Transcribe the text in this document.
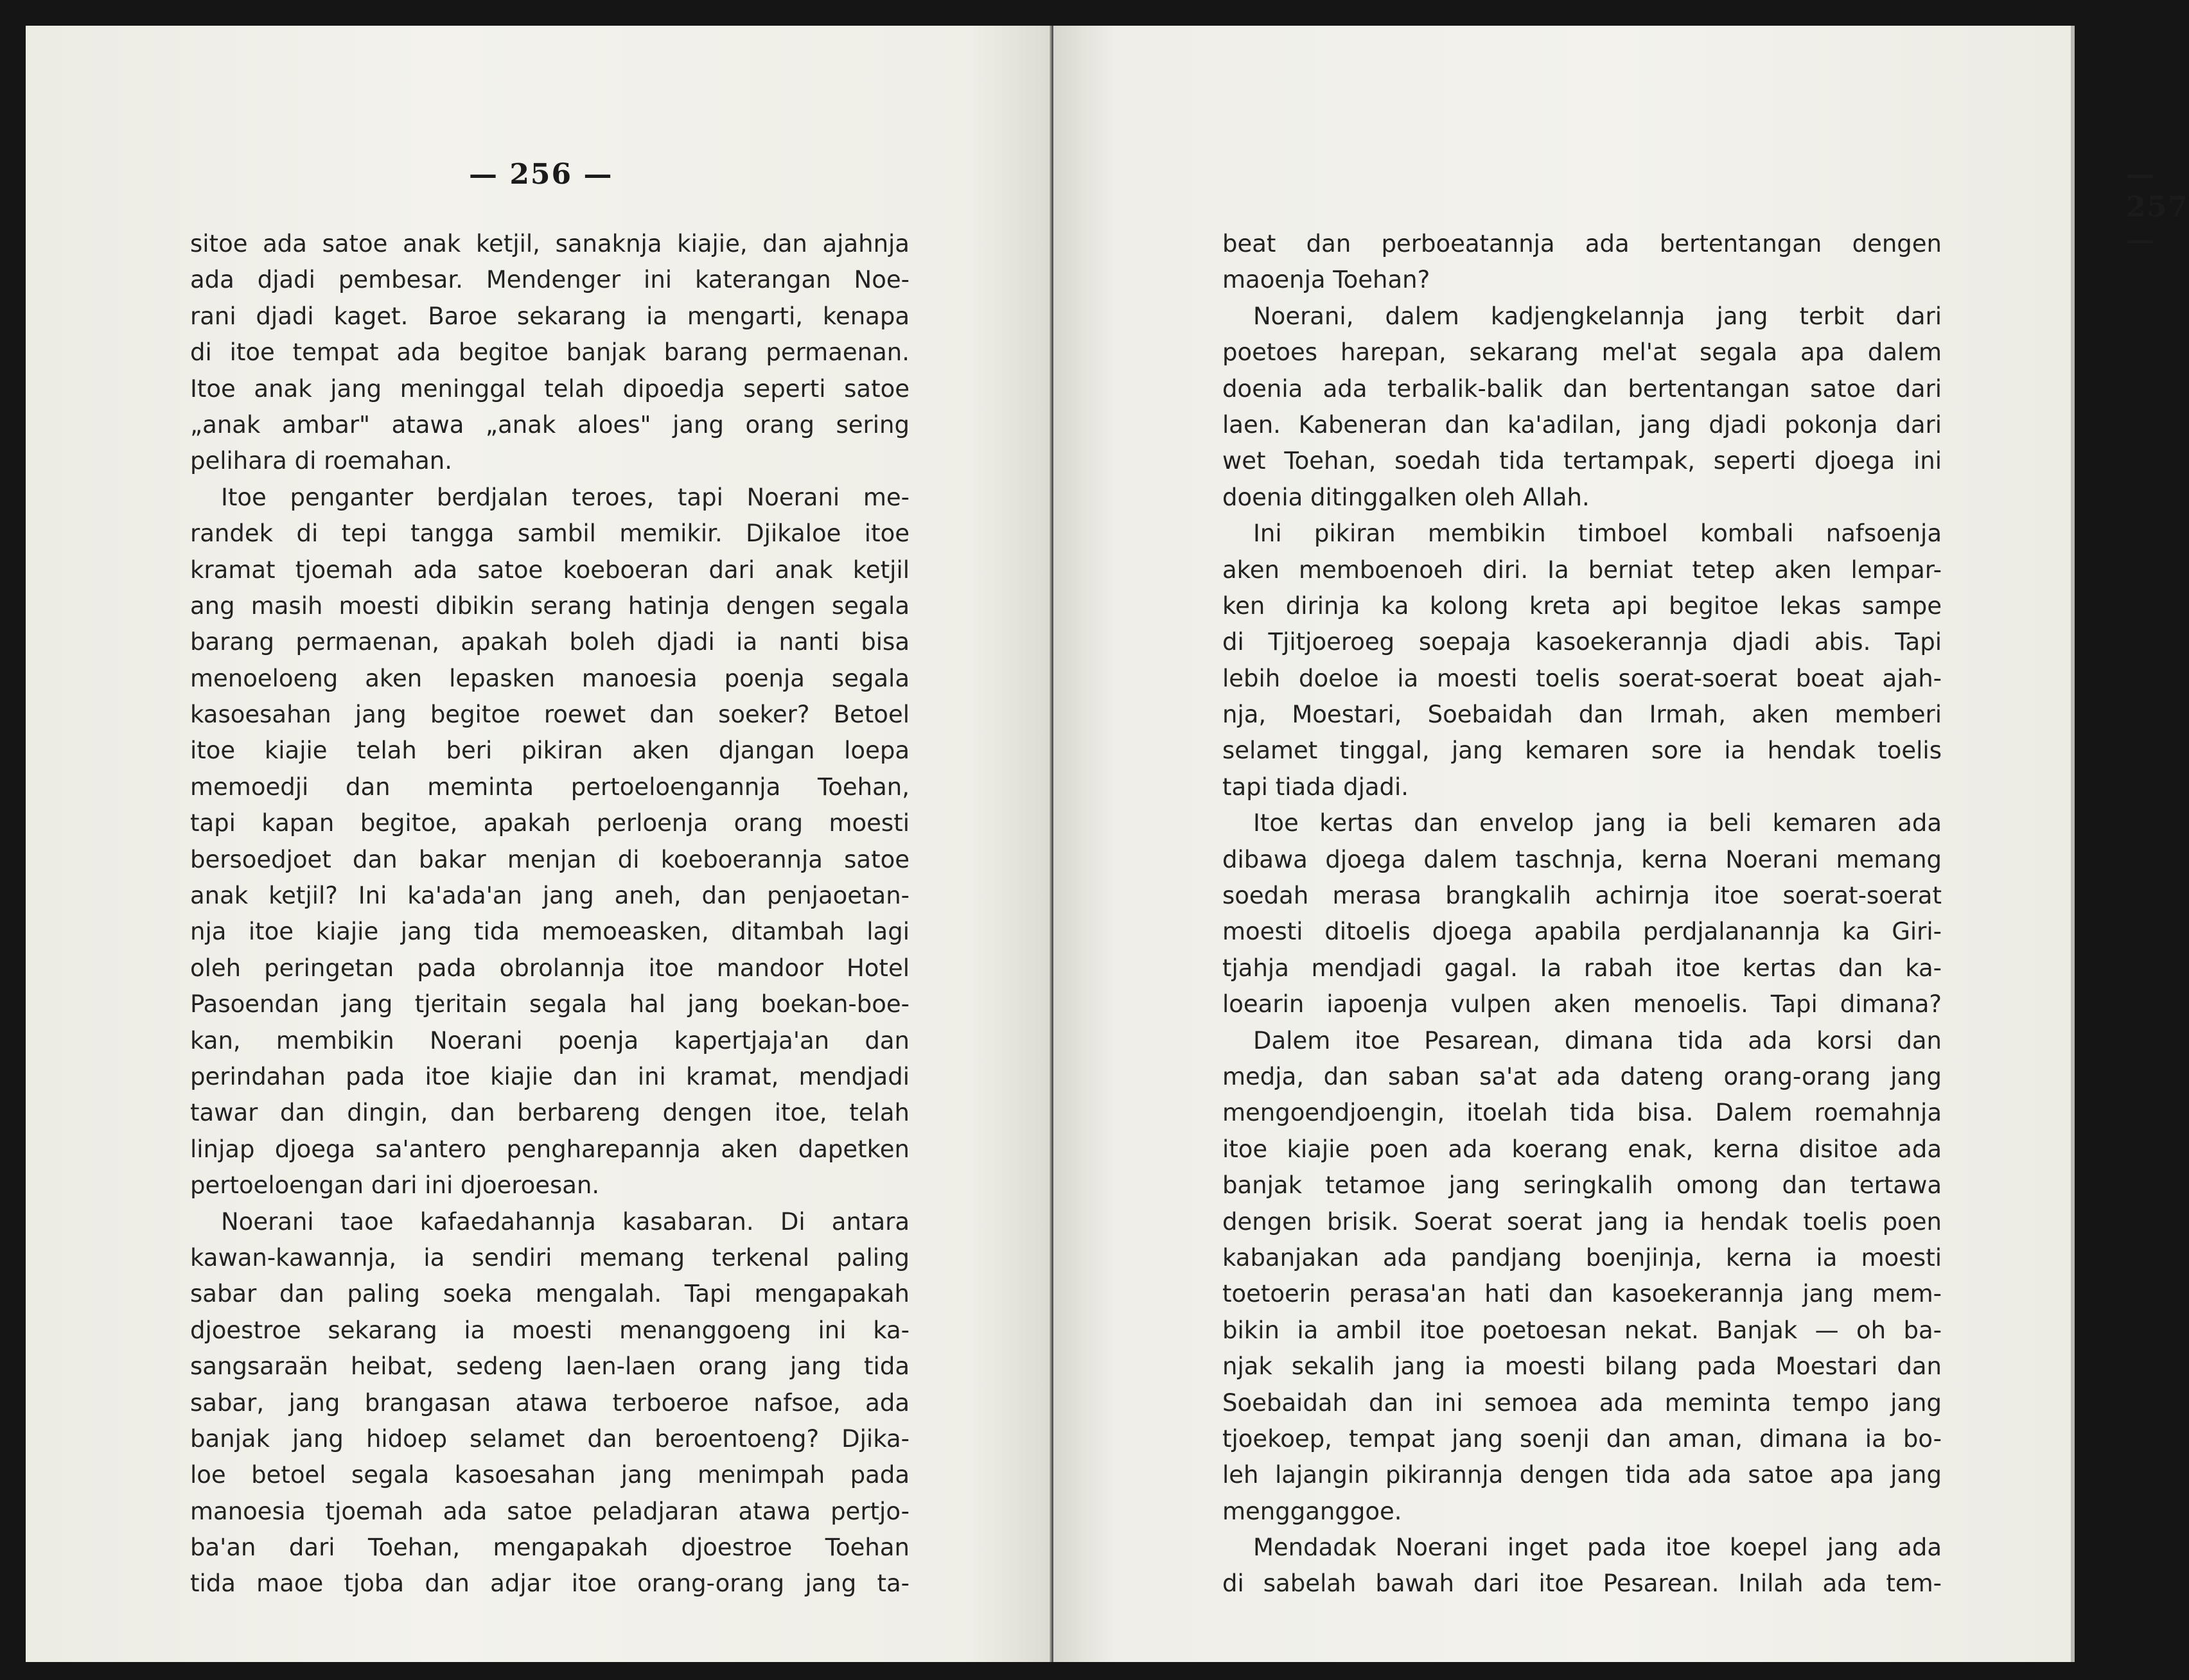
— 256 —
sitoe ada satoe anak ketjil, sanaknja kiajie, dan ajahnja
ada djadi pembesar. Mendenger ini katerangan Noe-
rani djadi kaget. Baroe sekarang ia mengarti, kenapa
di itoe tempat ada begitoe banjak barang permaenan.
Itoe anak jang meninggal telah dipoedja seperti satoe
„anak ambar" atawa „anak aloes" jang orang sering
pelihara di roemahan.
Itoe penganter berdjalan teroes, tapi Noerani me-
randek di tepi tangga sambil memikir. Djikaloe itoe
kramat tjoemah ada satoe koeboeran dari anak ketjil
ang masih moesti dibikin serang hatinja dengen segala
barang permaenan, apakah boleh djadi ia nanti bisa
menoeloeng aken lepasken manoesia poenja segala
kasoesahan jang begitoe roewet dan soeker? Betoel
itoe kiajie telah beri pikiran aken djangan loepa
memoedji dan meminta pertoeloengannja Toehan,
tapi kapan begitoe, apakah perloenja orang moesti
bersoedjoet dan bakar menjan di koeboerannja satoe
anak ketjil? Ini ka'ada'an jang aneh, dan penjaoetan-
nja itoe kiajie jang tida memoeasken, ditambah lagi
oleh peringetan pada obrolannja itoe mandoor Hotel
Pasoendan jang tjeritain segala hal jang boekan-boe-
kan, membikin Noerani poenja kapertjaja'an dan
perindahan pada itoe kiajie dan ini kramat, mendjadi
tawar dan dingin, dan berbareng dengen itoe, telah
linjap djoega sa'antero pengharepannja aken dapetken
pertoeloengan dari ini djoeroesan.
Noerani taoe kafaedahannja kasabaran. Di antara
kawan-kawannja, ia sendiri memang terkenal paling
sabar dan paling soeka mengalah. Tapi mengapakah
djoestroe sekarang ia moesti menanggoeng ini ka-
sangsaraän heibat, sedeng laen-laen orang jang tida
sabar, jang brangasan atawa terboeroe nafsoe, ada
banjak jang hidoep selamet dan beroentoeng? Djika-
loe betoel segala kasoesahan jang menimpah pada
manoesia tjoemah ada satoe peladjaran atawa pertjo-
ba'an dari Toehan, mengapakah djoestroe Toehan
tida maoe tjoba dan adjar itoe orang-orang jang ta-
— 257 —
beat dan perboeatannja ada bertentangan dengen
maoenja Toehan?
Noerani, dalem kadjengkelannja jang terbit dari
poetoes harepan, sekarang mel'at segala apa dalem
doenia ada terbalik-balik dan bertentangan satoe dari
laen. Kabeneran dan ka'adilan, jang djadi pokonja dari
wet Toehan, soedah tida tertampak, seperti djoega ini
doenia ditinggalken oleh Allah.
Ini pikiran membikin timboel kombali nafsoenja
aken memboenoeh diri. Ia berniat tetep aken lempar-
ken dirinja ka kolong kreta api begitoe lekas sampe
di Tjitjoeroeg soepaja kasoekerannja djadi abis. Tapi
lebih doeloe ia moesti toelis soerat-soerat boeat ajah-
nja, Moestari, Soebaidah dan Irmah, aken memberi
selamet tinggal, jang kemaren sore ia hendak toelis
tapi tiada djadi.
Itoe kertas dan envelop jang ia beli kemaren ada
dibawa djoega dalem taschnja, kerna Noerani memang
soedah merasa brangkalih achirnja itoe soerat-soerat
moesti ditoelis djoega apabila perdjalanannja ka Giri-
tjahja mendjadi gagal. Ia rabah itoe kertas dan ka-
loearin iapoenja vulpen aken menoelis. Tapi dimana?
Dalem itoe Pesarean, dimana tida ada korsi dan
medja, dan saban sa'at ada dateng orang-orang jang
mengoendjoengin, itoelah tida bisa. Dalem roemahnja
itoe kiajie poen ada koerang enak, kerna disitoe ada
banjak tetamoe jang seringkalih omong dan tertawa
dengen brisik. Soerat soerat jang ia hendak toelis poen
kabanjakan ada pandjang boenjinja, kerna ia moesti
toetoerin perasa'an hati dan kasoekerannja jang mem-
bikin ia ambil itoe poetoesan nekat. Banjak — oh ba-
njak sekalih jang ia moesti bilang pada Moestari dan
Soebaidah dan ini semoea ada meminta tempo jang
tjoekoep, tempat jang soenji dan aman, dimana ia bo-
leh lajangin pikirannja dengen tida ada satoe apa jang
mengganggoe.
Mendadak Noerani inget pada itoe koepel jang ada
di sabelah bawah dari itoe Pesarean. Inilah ada tem-
